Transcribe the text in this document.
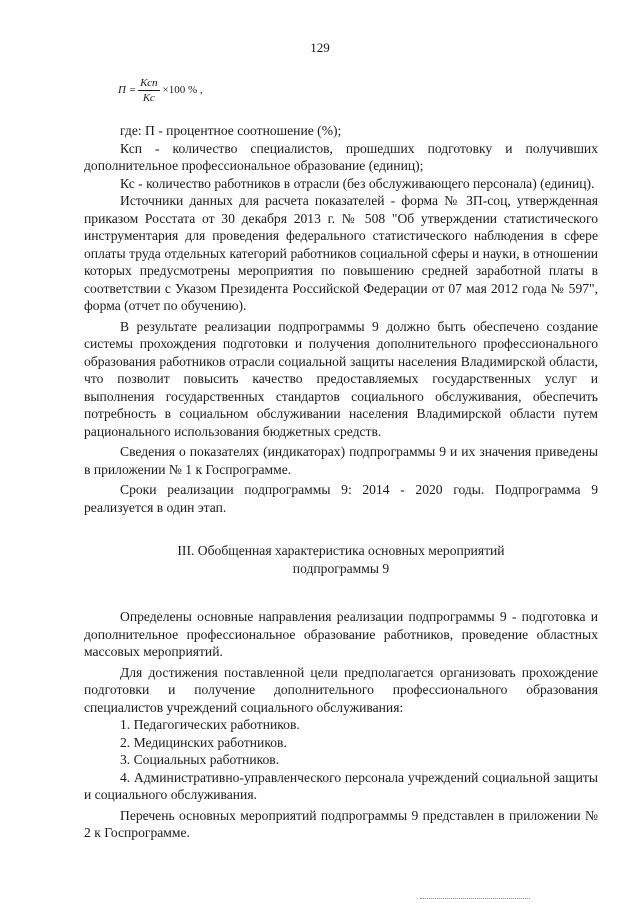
129
$П = \frac{\text{Ксп}}{Кс} \times 100$ % ,

где: П - процентное соотношение (%);

Ксп - количество специалистов, прошедших подготовку и получивших дополнительное профессиональное образование (единиц);

Кс - количество работников в отрасли (без обслуживающего персонала) (единиц).

Источники данных для расчета показателей - форма № ЗП-соц, утвержденная приказом Росстата от 30 декабря 2013 г. № 508 "Об утверждении статистического инструментария для проведения федерального статистического наблюдения в сфере оплаты труда отдельных категорий работников социальной сферы и науки, в отношении которых предусмотрены мероприятия по повышению средней заработной платы в соответствии с Указом Президента Российской Федерации от 07 мая 2012 года № 597", форма (отчет по обучению).

В результате реализации подпрограммы 9 должно быть обеспечено создание системы прохождения подготовки и получения дополнительного профессионального образования работников отрасли социальной защиты населения Владимирской области, что позволит повысить качество предоставляемых государственных услуг и выполнения государственных стандартов социального обслуживания, обеспечить потребность в социальном обслуживании населения Владимирской области путем рационального использования бюджетных средств.

Сведения о показателях (индикаторах) подпрограммы 9 и их значения приведены в приложении № 1 к Госпрограмме.

Сроки реализации подпрограммы 9: 2014 - 2020 годы. Подпрограмма 9 реализуется в один этап.

III. Обобщенная характеристика основных мероприятий
подпрограммы 9

Определены основные направления реализации подпрограммы 9 - подготовка и дополнительное профессиональное образование работников, проведение областных массовых мероприятий.

Для достижения поставленной цели предполагается организовать прохождение подготовки и получение дополнительного профессионального образования специалистов учреждений социального обслуживания:

1. Педагогических работников.

2. Медицинских работников.

3. Социальных работников.

4. Административно-управленческого персонала учреждений социальной защиты и социального обслуживания.

Перечень основных мероприятий подпрограммы 9 представлен в приложении № 2 к Госпрограмме.
